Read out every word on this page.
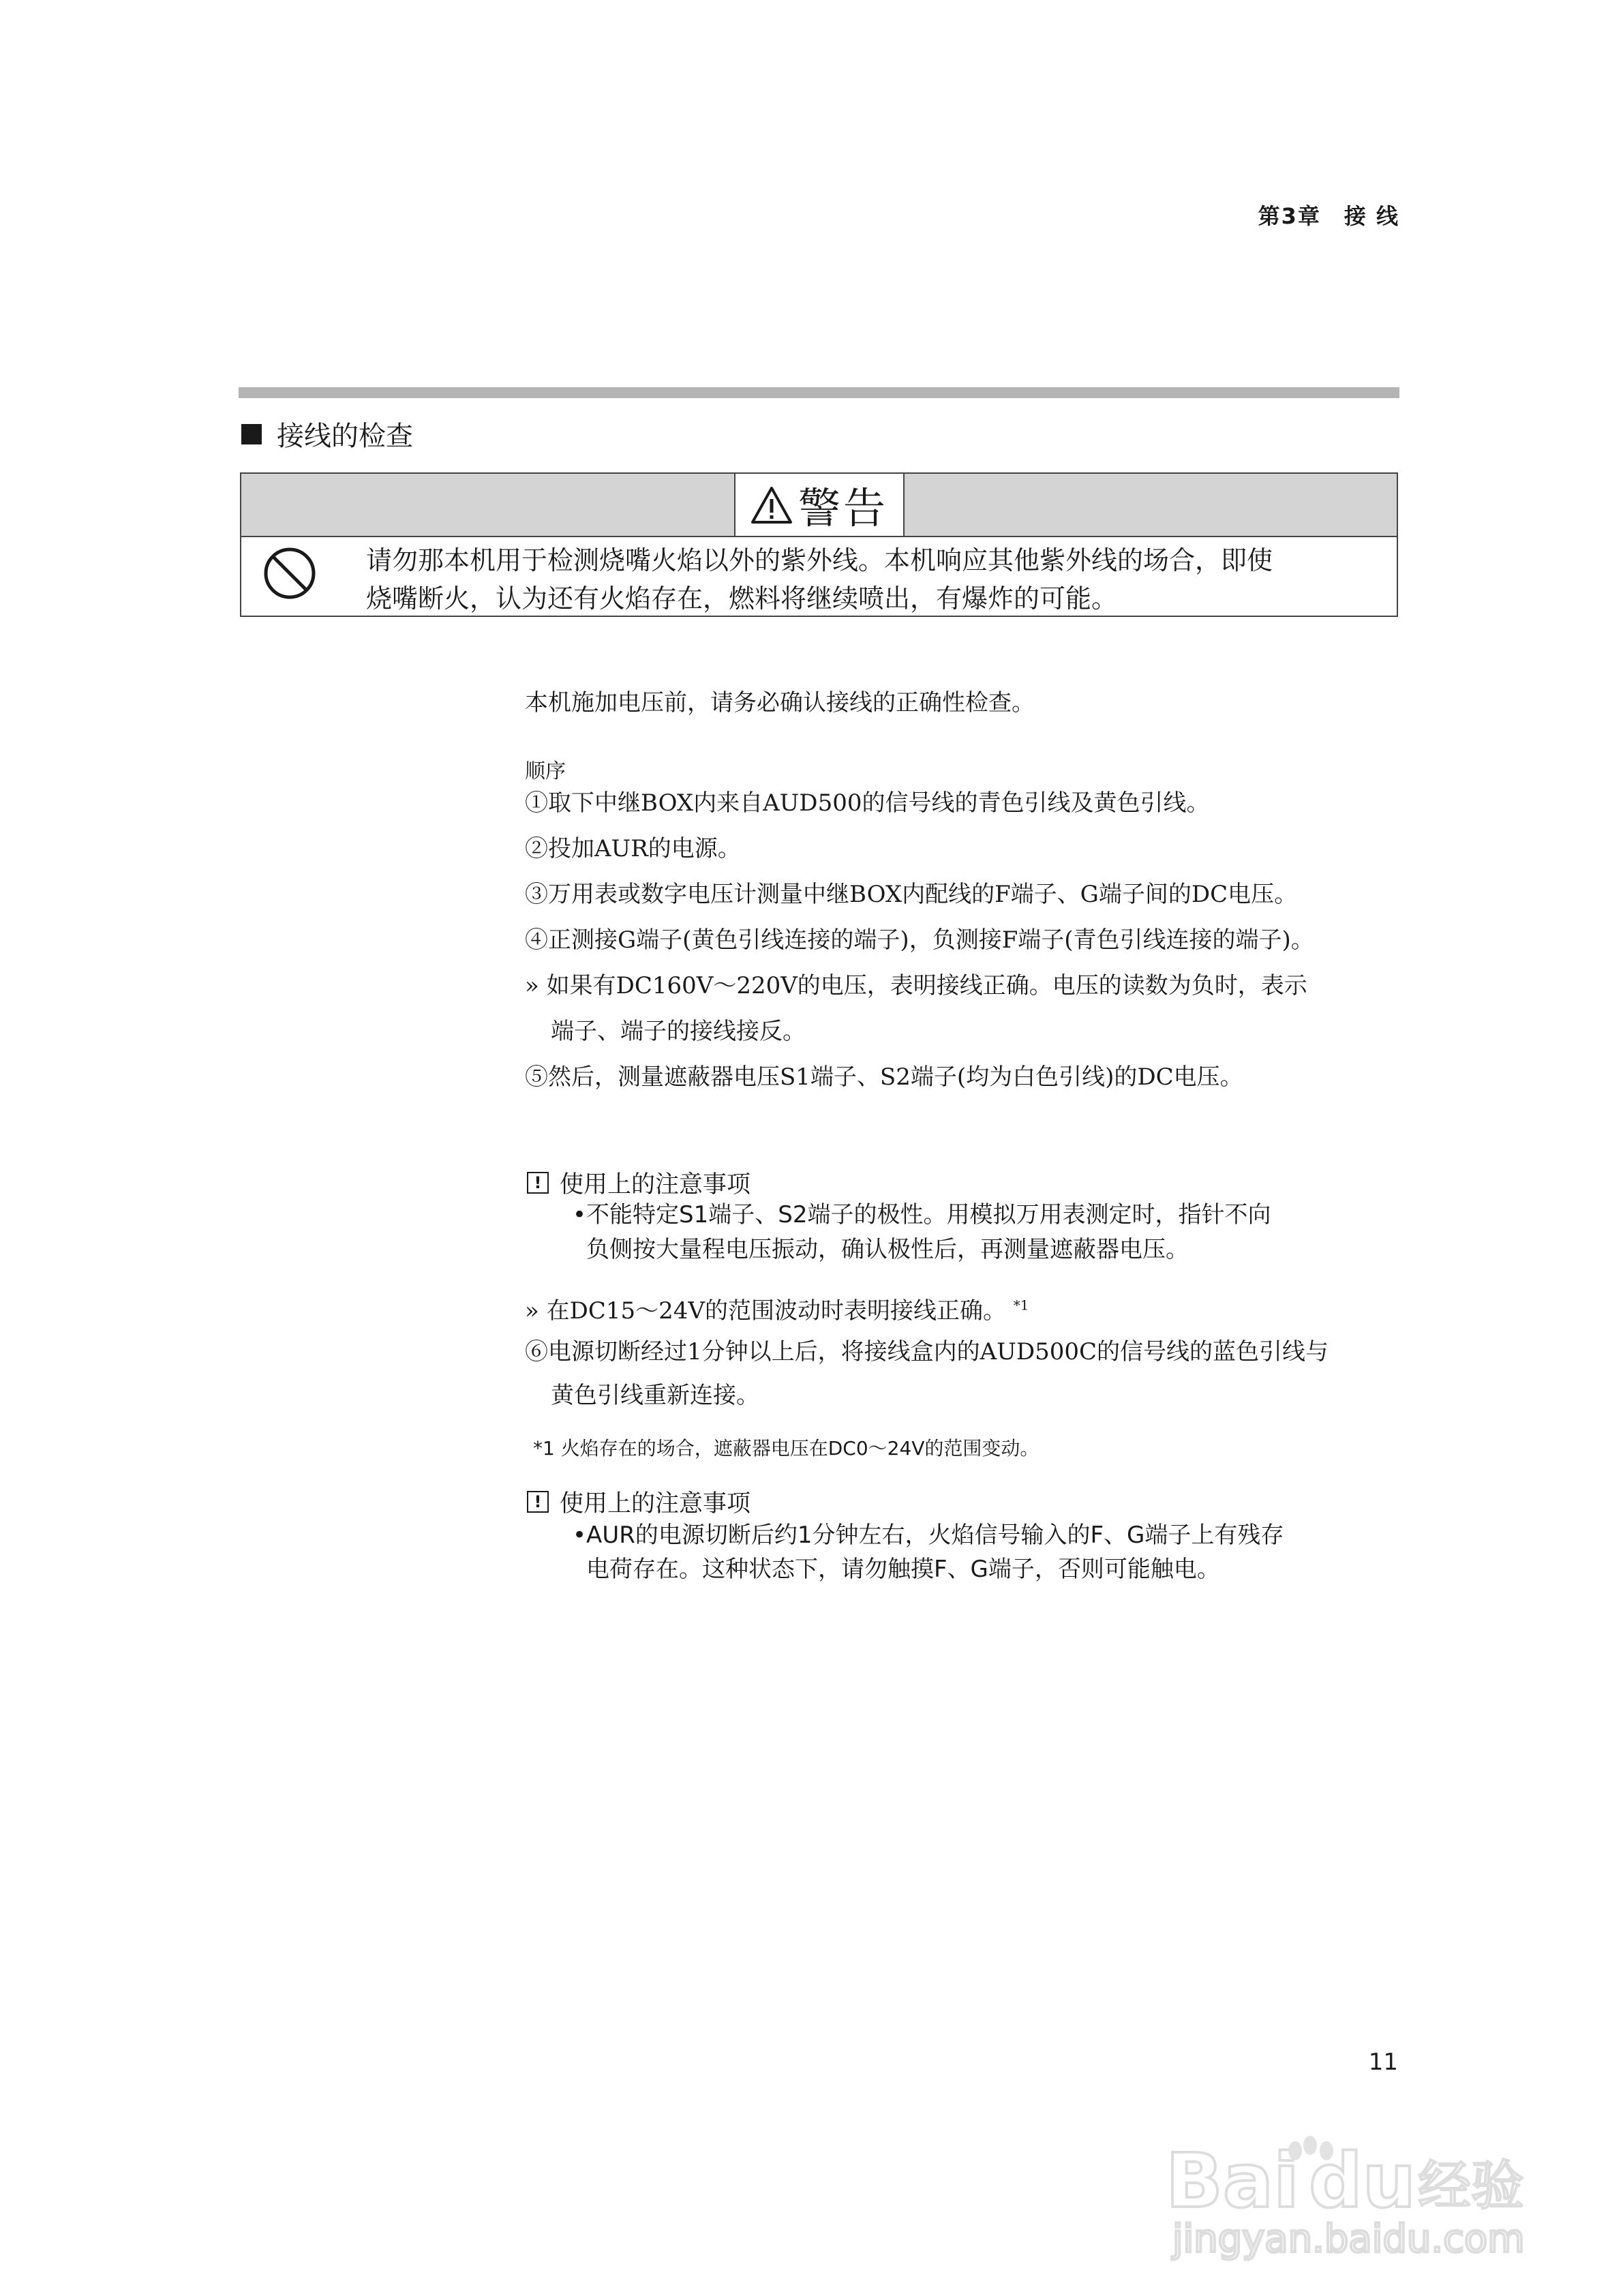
第3章 接 线
接线的检查
警告
请勿那本机用于检测烧嘴火焰以外的紫外线。本机响应其他紫外线的场合，即使
烧嘴断火，认为还有火焰存在，燃料将继续喷出，有爆炸的可能。
本机施加电压前，请务必确认接线的正确性检查。
顺序
①取下中继BOX内来自AUD500的信号线的青色引线及黄色引线。
②投加AUR的电源。
③万用表或数字电压计测量中继BOX内配线的F端子、G端子间的DC电压。
④正测接G端子(黄色引线连接的端子)，负测接F端子(青色引线连接的端子)。
» 如果有DC160V～220V的电压，表明接线正确。电压的读数为负时，表示
端子、端子的接线接反。
⑤然后，测量遮蔽器电压S1端子、S2端子(均为白色引线)的DC电压。
! 使用上的注意事项
•不能特定S1端子、S2端子的极性。用模拟万用表测定时，指针不向
负侧按大量程电压振动，确认极性后，再测量遮蔽器电压。
» 在DC15～24V的范围波动时表明接线正确。 $^{*1}$
⑥电源切断经过1分钟以上后，将接线盒内的AUD500C的信号线的蓝色引线与
黄色引线重新连接。
*1 火焰存在的场合，遮蔽器电压在DC0～24V的范围变动。
! 使用上的注意事项
•AUR的电源切断后约1分钟左右，火焰信号输入的F、G端子上有残存
电荷存在。这种状态下，请勿触摸F、G端子，否则可能触电。
11
Bai du 经验
jingyan.baidu.com
